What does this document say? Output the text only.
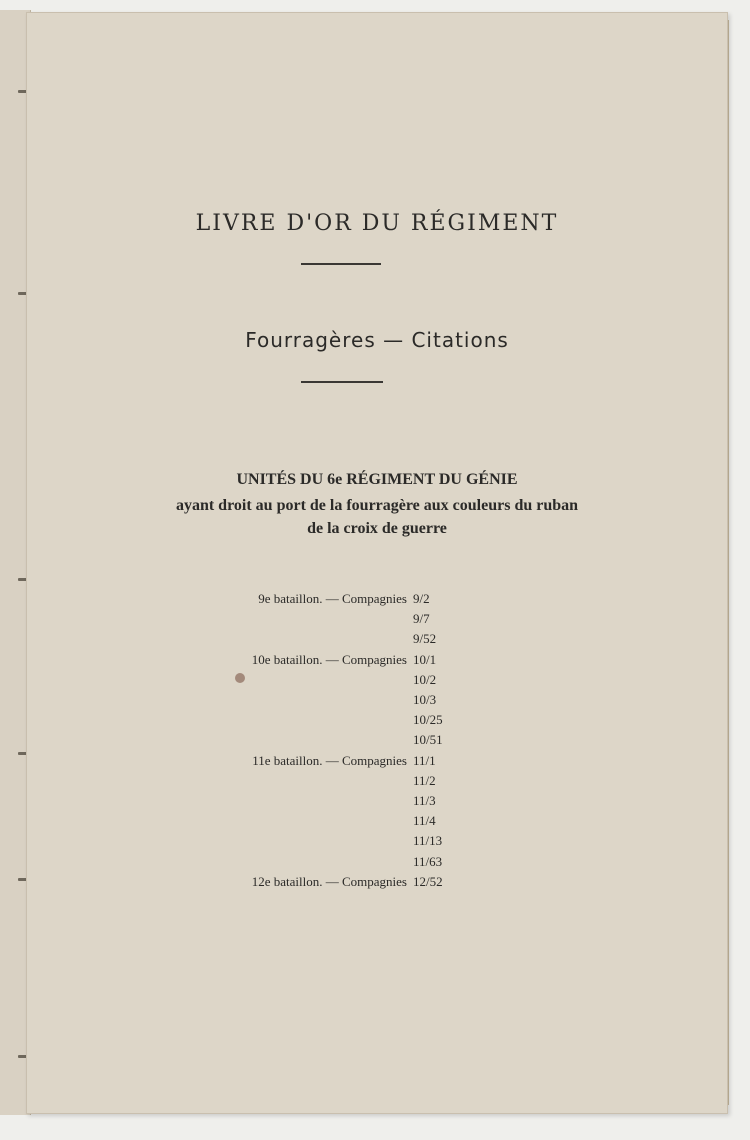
LIVRE D'OR DU RÉGIMENT
Fourragères — Citations
UNITÉS DU 6e RÉGIMENT DU GÉNIE
ayant droit au port de la fourragère aux couleurs du ruban
de la croix de guerre
9e bataillon. — Compagnies 9/2
9/7
9/52
10e bataillon. — Compagnies 10/1
10/2
10/3
10/25
10/51
11e bataillon. — Compagnies 11/1
11/2
11/3
11/4
11/13
11/63
12e bataillon. — Compagnies 12/52
